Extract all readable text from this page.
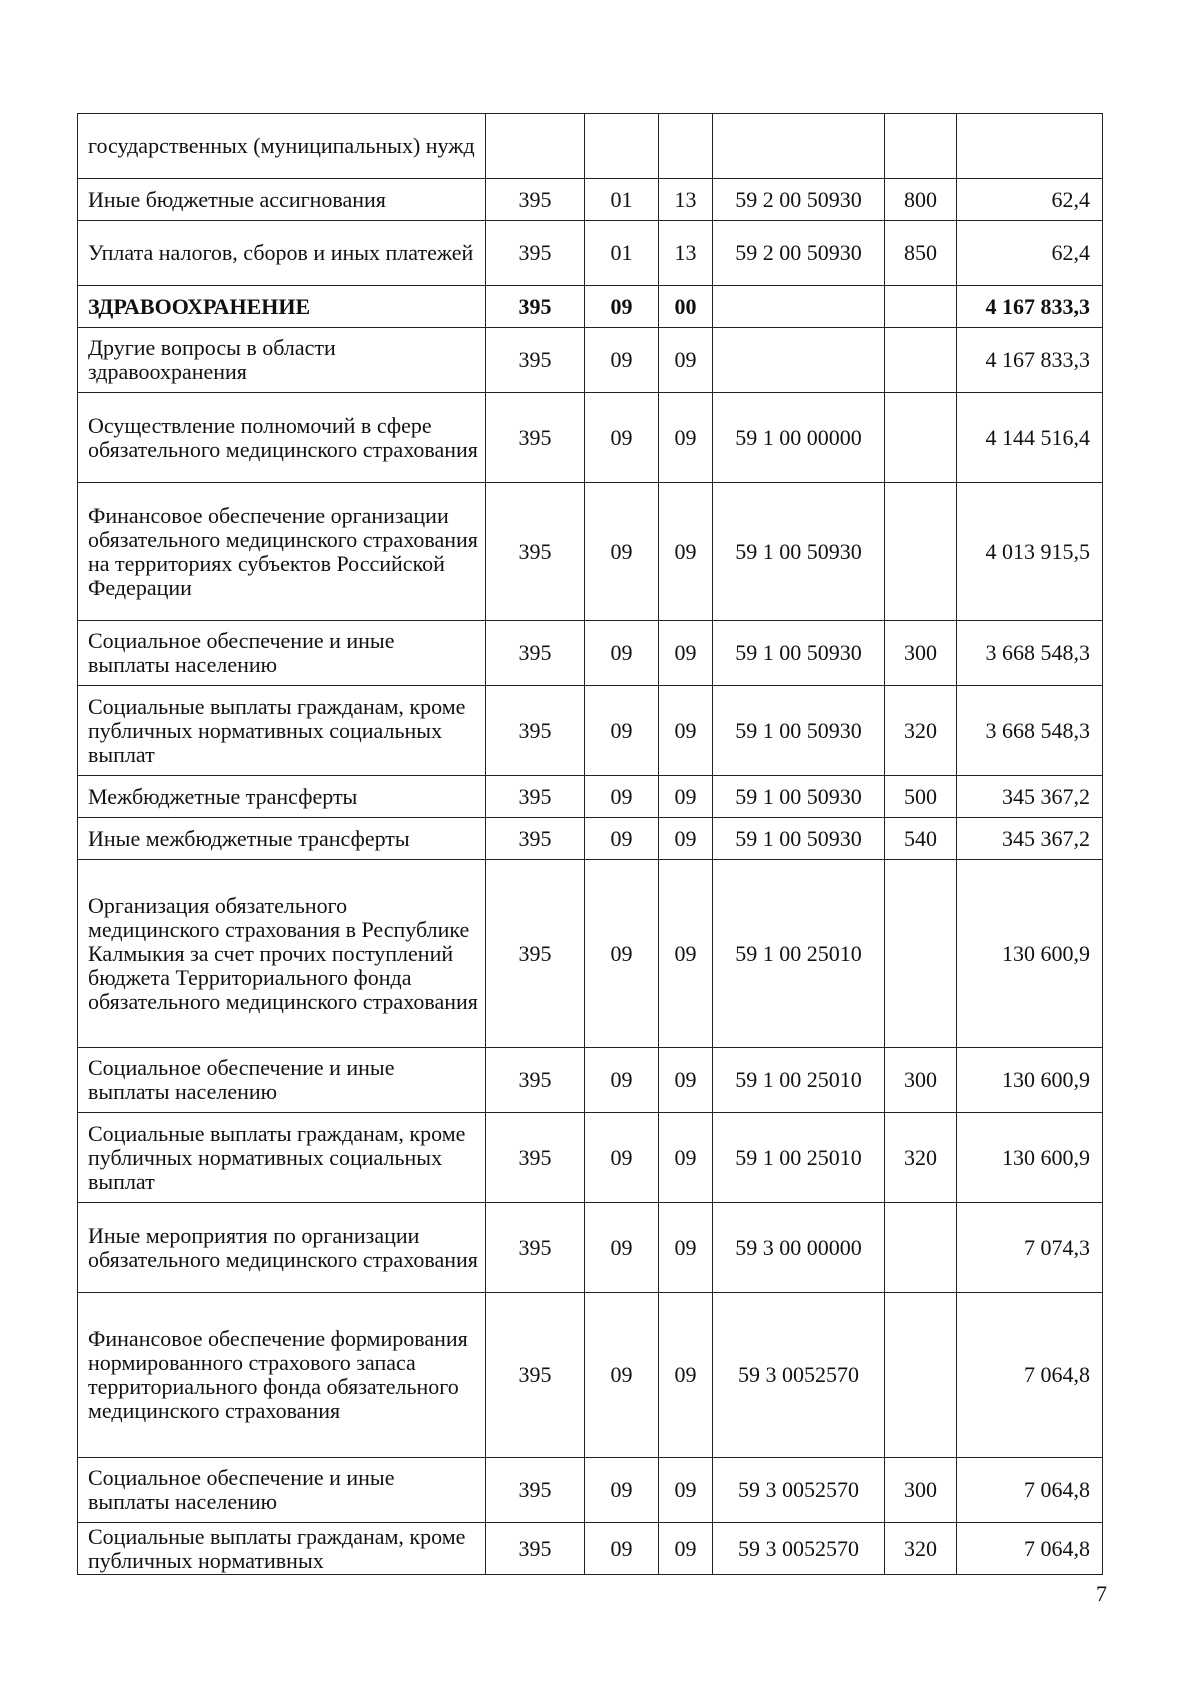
государственных (муниципальных) нужд						
Иные бюджетные ассигнования	395	01	13	59 2 00 50930	800	62,4
Уплата налогов, сборов и иных платежей	395	01	13	59 2 00 50930	850	62,4
ЗДРАВООХРАНЕНИЕ	395	09	00			4 167 833,3
Другие вопросы в области здравоохранения	395	09	09			4 167 833,3
Осуществление полномочий в сфере обязательного медицинского страхования	395	09	09	59 1 00 00000		4 144 516,4
Финансовое обеспечение организации обязательного медицинского страхования на территориях субъектов Российской Федерации	395	09	09	59 1 00 50930		4 013 915,5
Социальное обеспечение и иные выплаты населению	395	09	09	59 1 00 50930	300	3 668 548,3
Социальные выплаты гражданам, кроме публичных нормативных социальных выплат	395	09	09	59 1 00 50930	320	3 668 548,3
Межбюджетные трансферты	395	09	09	59 1 00 50930	500	345 367,2
Иные межбюджетные трансферты	395	09	09	59 1 00 50930	540	345 367,2
Организация обязательного медицинского страхования в Республике Калмыкия за счет прочих поступлений бюджета Территориального фонда обязательного медицинского страхования	395	09	09	59 1 00 25010		130 600,9
Социальное обеспечение и иные выплаты населению	395	09	09	59 1 00 25010	300	130 600,9
Социальные выплаты гражданам, кроме публичных нормативных социальных выплат	395	09	09	59 1 00 25010	320	130 600,9
Иные мероприятия по организации обязательного медицинского страхования	395	09	09	59 3 00 00000		7 074,3
Финансовое обеспечение формирования нормированного страхового запаса территориального фонда обязательного медицинского страхования	395	09	09	59 3 0052570		7 064,8
Социальное обеспечение и иные выплаты населению	395	09	09	59 3 0052570	300	7 064,8
Социальные выплаты гражданам, кроме публичных нормативных	395	09	09	59 3 0052570	320	7 064,8
7
